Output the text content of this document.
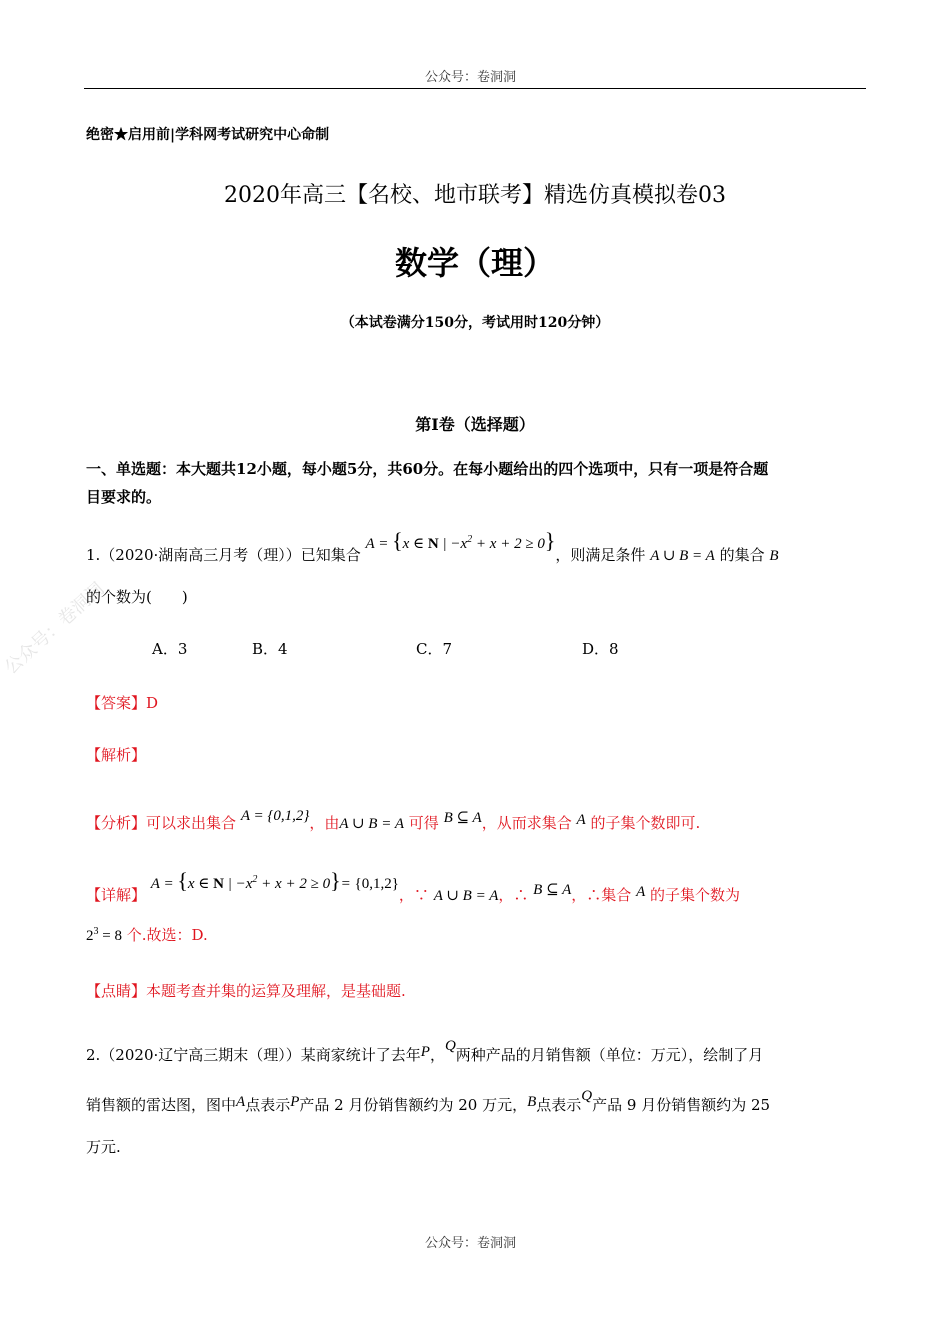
公众号：卷洞洞
公众号：卷洞洞
绝密★启用前|学科网考试研究中心命制
2020年高三【名校、地市联考】精选仿真模拟卷03
数学（理）
（本试卷满分150分，考试用时120分钟）
第Ⅰ卷（选择题）
一、单选题：本大题共12小题，每小题5分，共60分。在每小题给出的四个选项中，只有一项是符合题
目要求的。
1.（2020·湖南高三月考（理））已知集合 A = {x ∈ N | $-x^2 + x + 2 \ge 0$}，则满足条件 A ∪ B = A 的集合 B
的个数为(　　)
A．3	B．4	C．7	D．8
【答案】D
【解析】
【分析】可以求出集合 A = {0,1,2}，由A ∪ B = A 可得 B ⊆ A，从而求集合 A 的子集个数即可.
【详解】 A = {x ∈ N | $-x^2 + x + 2 \ge 0\}= \{0,1,2\}$，∵ A ∪ B = A，∴ B ⊆ A，∴集合 A 的子集个数为
$2^3 = 8$ 个.故选：D.
【点睛】本题考查并集的运算及理解，是基础题.
2.（2020·辽宁高三期末（理））某商家统计了去年P，Q两种产品的月销售额（单位：万元），绘制了月
销售额的雷达图，图中A点表示P产品 2 月份销售额约为 20 万元，B点表示Q产品 9 月份销售额约为 25
万元.
公众号：卷洞洞
